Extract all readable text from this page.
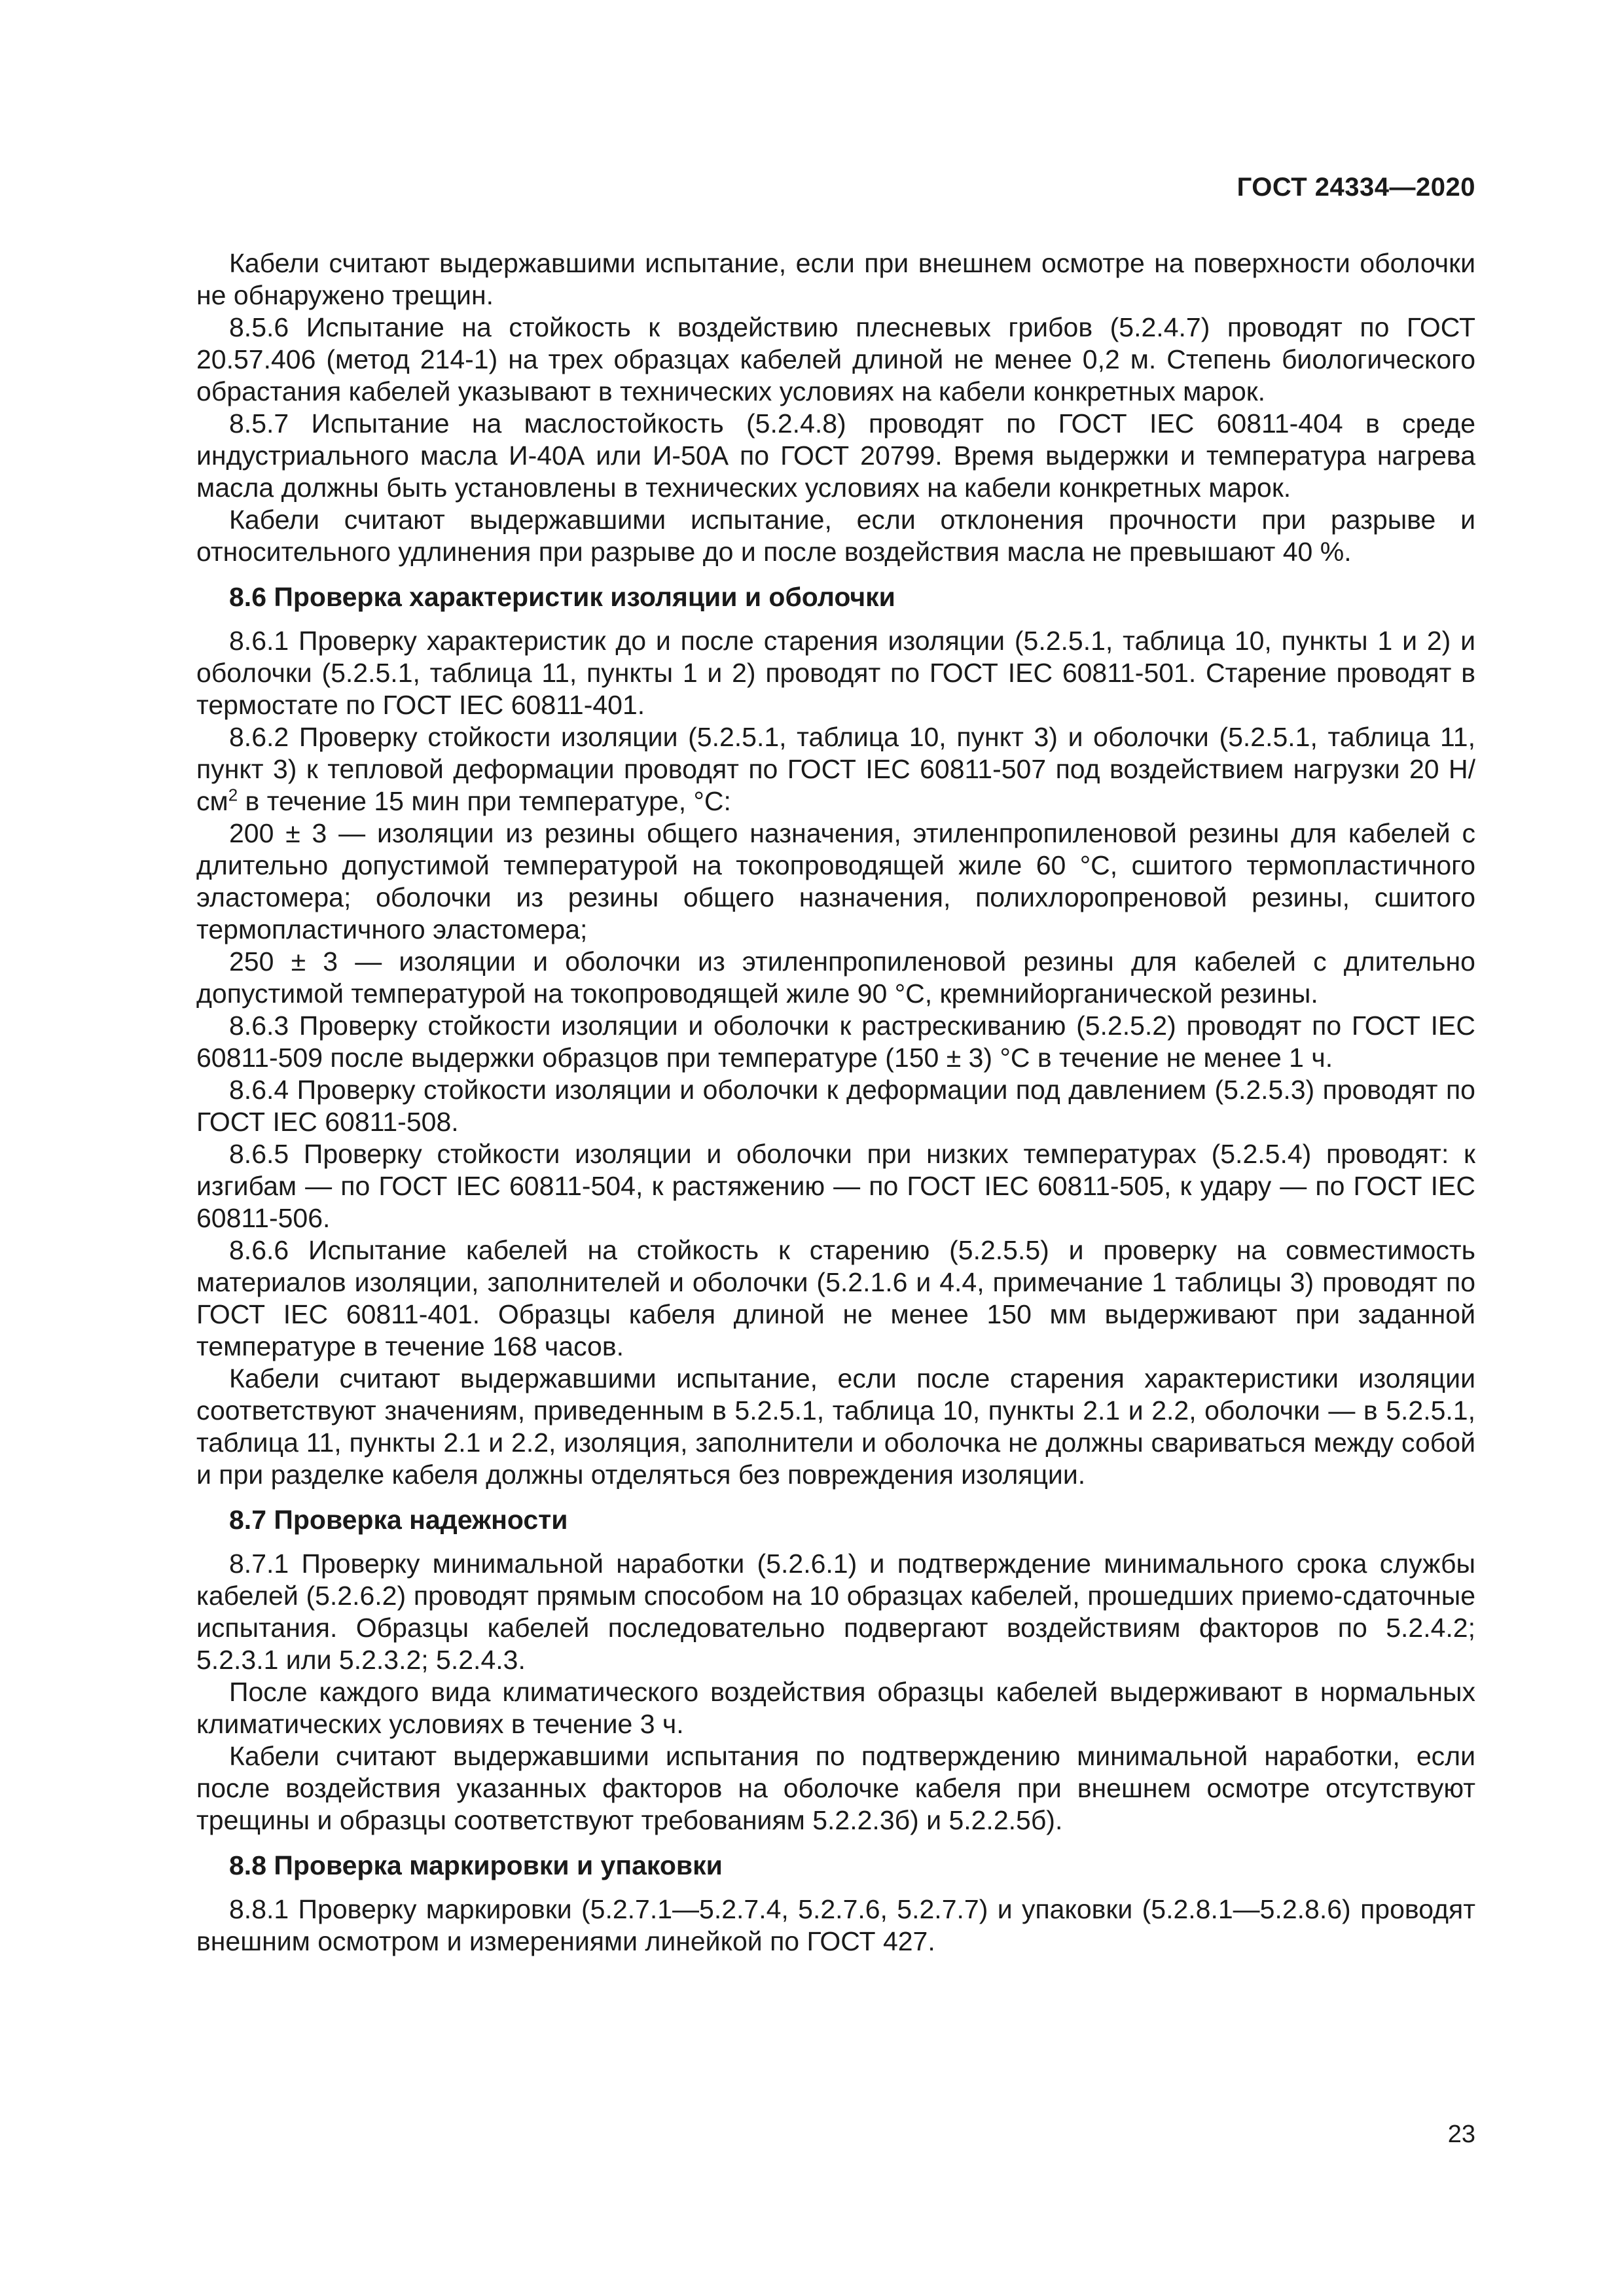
ГОСТ 24334—2020

Кабели считают выдержавшими испытание, если при внешнем осмотре на поверхности оболочки не обнаружено трещин.

8.5.6 Испытание на стойкость к воздействию плесневых грибов (5.2.4.7) проводят по ГОСТ 20.57.406 (метод 214-1) на трех образцах кабелей длиной не менее 0,2 м. Степень биологического обрастания кабелей указывают в технических условиях на кабели конкретных марок.

8.5.7 Испытание на маслостойкость (5.2.4.8) проводят по ГОСТ IEC 60811-404 в среде индустриального масла И-40А или И-50А по ГОСТ 20799. Время выдержки и температура нагрева масла должны быть установлены в технических условиях на кабели конкретных марок.

Кабели считают выдержавшими испытание, если отклонения прочности при разрыве и относительного удлинения при разрыве до и после воздействия масла не превышают 40 %.

8.6 Проверка характеристик изоляции и оболочки

8.6.1 Проверку характеристик до и после старения изоляции (5.2.5.1, таблица 10, пункты 1 и 2) и оболочки (5.2.5.1, таблица 11, пункты 1 и 2) проводят по ГОСТ IEC 60811-501. Старение проводят в термостате по ГОСТ IEC 60811-401.

8.6.2 Проверку стойкости изоляции (5.2.5.1, таблица 10, пункт 3) и оболочки (5.2.5.1, таблица 11, пункт 3) к тепловой деформации проводят по ГОСТ IEC 60811-507 под воздействием нагрузки 20 $Н/см^2$ в течение 15 мин при температуре, °С:

200 ± 3 — изоляции из резины общего назначения, этиленпропиленовой резины для кабелей с длительно допустимой температурой на токопроводящей жиле 60 °С, сшитого термопластичного эластомера; оболочки из резины общего назначения, полихлоропреновой резины, сшитого термопластичного эластомера;

250 ± 3 — изоляции и оболочки из этиленпропиленовой резины для кабелей с длительно допустимой температурой на токопроводящей жиле 90 °С, кремнийорганической резины.

8.6.3 Проверку стойкости изоляции и оболочки к растрескиванию (5.2.5.2) проводят по ГОСТ IEC 60811-509 после выдержки образцов при температуре (150 ± 3) °С в течение не менее 1 ч.

8.6.4 Проверку стойкости изоляции и оболочки к деформации под давлением (5.2.5.3) проводят по ГОСТ IEC 60811-508.

8.6.5 Проверку стойкости изоляции и оболочки при низких температурах (5.2.5.4) проводят: к изгибам — по ГОСТ IEC 60811-504, к растяжению — по ГОСТ IEC 60811-505, к удару — по ГОСТ IEC 60811-506.

8.6.6 Испытание кабелей на стойкость к старению (5.2.5.5) и проверку на совместимость материалов изоляции, заполнителей и оболочки (5.2.1.6 и 4.4, примечание 1 таблицы 3) проводят по ГОСТ IEC 60811-401. Образцы кабеля длиной не менее 150 мм выдерживают при заданной температуре в течение 168 часов.

Кабели считают выдержавшими испытание, если после старения характеристики изоляции соответствуют значениям, приведенным в 5.2.5.1, таблица 10, пункты 2.1 и 2.2, оболочки — в 5.2.5.1, таблица 11, пункты 2.1 и 2.2, изоляция, заполнители и оболочка не должны свариваться между собой и при разделке кабеля должны отделяться без повреждения изоляции.

8.7 Проверка надежности

8.7.1 Проверку минимальной наработки (5.2.6.1) и подтверждение минимального срока службы кабелей (5.2.6.2) проводят прямым способом на 10 образцах кабелей, прошедших приемо-сдаточные испытания. Образцы кабелей последовательно подвергают воздействиям факторов по 5.2.4.2; 5.2.3.1 или 5.2.3.2; 5.2.4.3.

После каждого вида климатического воздействия образцы кабелей выдерживают в нормальных климатических условиях в течение 3 ч.

Кабели считают выдержавшими испытания по подтверждению минимальной наработки, если после воздействия указанных факторов на оболочке кабеля при внешнем осмотре отсутствуют трещины и образцы соответствуют требованиям 5.2.2.3б) и 5.2.2.5б).

8.8 Проверка маркировки и упаковки

8.8.1 Проверку маркировки (5.2.7.1—5.2.7.4, 5.2.7.6, 5.2.7.7) и упаковки (5.2.8.1—5.2.8.6) проводят внешним осмотром и измерениями линейкой по ГОСТ 427.

23
